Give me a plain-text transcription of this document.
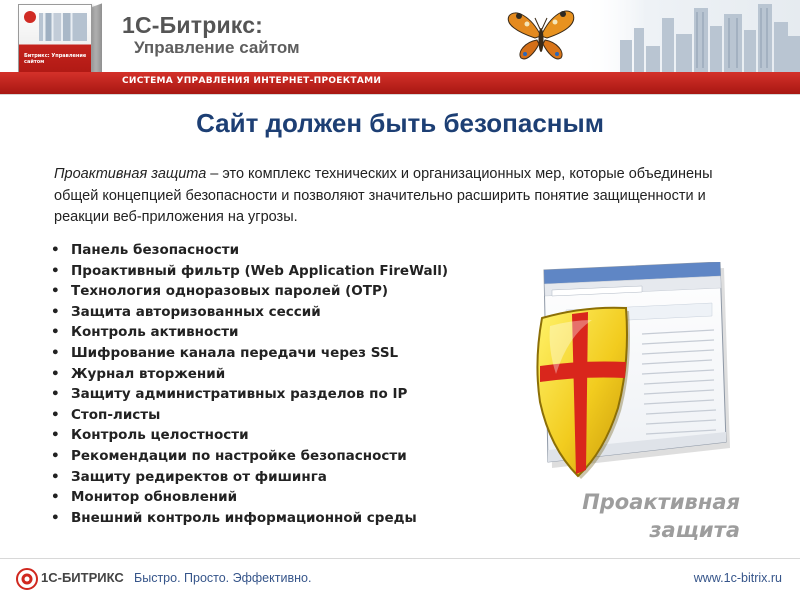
Битрикс: Управление сайтом
1С-Битрикс:
Управление сайтом
СИСТЕМА УПРАВЛЕНИЯ ИНТЕРНЕТ-ПРОЕКТАМИ
Сайт должен быть безопасным

Проактивная защита – это комплекс технических и организационных мер, которые объединены общей концепцией безопасности и позволяют значительно расширить понятие защищенности и реакции веб-приложения на угрозы.

• Панель безопасности
• Проактивный фильтр (Web Application FireWall)
• Технология одноразовых паролей (OTP)
• Защита авторизованных сессий
• Контроль активности
• Шифрование канала передачи через SSL
• Журнал вторжений
• Защиту административных разделов по IP
• Стоп-листы
• Контроль целостности
• Рекомендации по настройке безопасности
• Защиту редиректов от фишинга
• Монитор обновлений
• Внешний контроль информационной среды
Проактивная
защита
1С-БИТРИКС Быстро. Просто. Эффективно.	www.1c-bitrix.ru
